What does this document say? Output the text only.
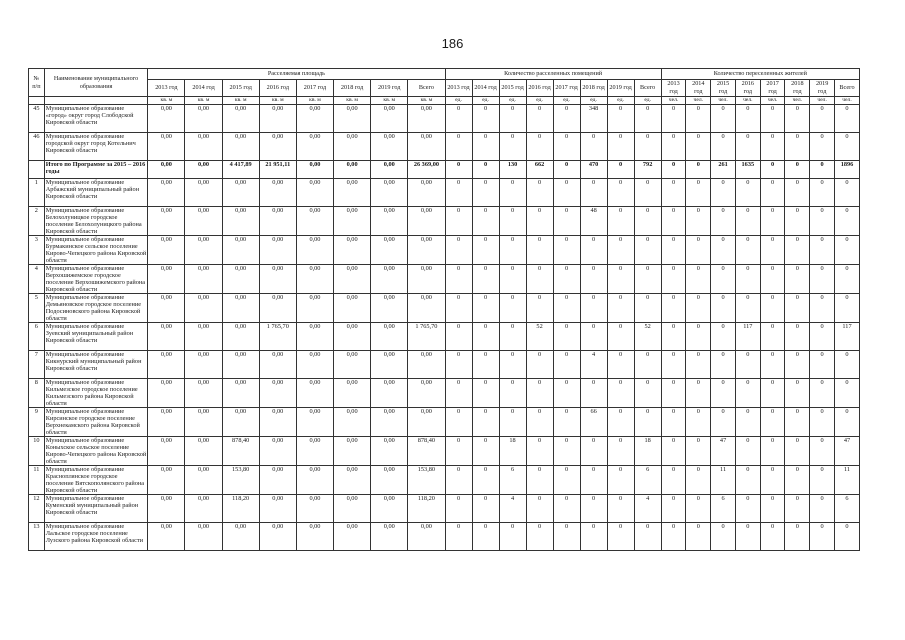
186
№
п/п	Наименование муниципального образования	Расселяемая площадь								Количество расселенных помещений								Количество переселенных жителей							
		2013 год	2014 год	2015 год	2016 год	2017 год	2018 год	2019 год	Всего	2013 год	2014 год	2015 год	2016 год	2017 год	2018 год	2019 год	Всего	2013 год	2014 год	2015 год	2016 год	2017 год	2018 год	2019 год	Всего
		кв. м	кв. м	кв. м	кв. м	кв. м	кв. м	кв. м	кв. м	ед.	ед.	ед.	ед.	ед.	ед.	ед.	ед.	чел.	чел.	чел.	чел.	чел.	чел.	чел.	чел.
45	Муниципальное образование «город» округ город Слободской Кировской области	0,00	0,00	0,00	0,00	0,00	0,00	0,00	0,00	0	0	0	0	0	348	0	0	0	0	0	0	0	0	0	0
46	Муниципальное образование городской округ город Котельнич Кировской области	0,00	0,00	0,00	0,00	0,00	0,00	0,00	0,00	0	0	0	0	0	0	0	0	0	0	0	0	0	0	0	0
	Итого по Программе за 2015 – 2016 годы	0,00	0,00	4 417,89	21 951,11	0,00	0,00	0,00	26 369,00	0	0	130	662	0	470	0	792	0	0	261	1635	0	0	0	1896
1	Муниципальное образование Арбажский муниципальный район Кировской области	0,00	0,00	0,00	0,00	0,00	0,00	0,00	0,00	0	0	0	0	0	0	0	0	0	0	0	0	0	0	0	0
2	Муниципальное образование Белохолуницкое городское поселение Белохолуницкого района Кировской области	0,00	0,00	0,00	0,00	0,00	0,00	0,00	0,00	0	0	0	0	0	48	0	0	0	0	0	0	0	0	0	0
3	Муниципальное образование Бурмакинское сельское поселение Кирово-Чепецкого района Кировской области	0,00	0,00	0,00	0,00	0,00	0,00	0,00	0,00	0	0	0	0	0	0	0	0	0	0	0	0	0	0	0	0
4	Муниципальное образование Верхошижемское городское поселение Верхошижемского района Кировской области	0,00	0,00	0,00	0,00	0,00	0,00	0,00	0,00	0	0	0	0	0	0	0	0	0	0	0	0	0	0	0	0
5	Муниципальное образование Демьяновское городское поселение Подосиновского района Кировской области	0,00	0,00	0,00	0,00	0,00	0,00	0,00	0,00	0	0	0	0	0	0	0	0	0	0	0	0	0	0	0	0
6	Муниципальное образование Зуевский муниципальный район Кировской области	0,00	0,00	0,00	1 765,70	0,00	0,00	0,00	1 765,70	0	0	0	52	0	0	0	52	0	0	0	117	0	0	0	117
7	Муниципальное образование Кикнурский муниципальный район Кировской области	0,00	0,00	0,00	0,00	0,00	0,00	0,00	0,00	0	0	0	0	0	4	0	0	0	0	0	0	0	0	0	0
8	Муниципальное образование Кильмезское городское поселение Кильмезского района Кировской области	0,00	0,00	0,00	0,00	0,00	0,00	0,00	0,00	0	0	0	0	0	0	0	0	0	0	0	0	0	0	0	0
9	Муниципальное образование Кирсинское городское поселение Верхнекамского района Кировской области	0,00	0,00	0,00	0,00	0,00	0,00	0,00	0,00	0	0	0	0	0	66	0	0	0	0	0	0	0	0	0	0
10	Муниципальное образование Коныхское сельское поселение Кирово-Чепецкого района Кировской области	0,00	0,00	878,40	0,00	0,00	0,00	0,00	878,40	0	0	18	0	0	0	0	18	0	0	47	0	0	0	0	47
11	Муниципальное образование Красноплянское городское поселение Вятскополянского района Кировской области	0,00	0,00	153,80	0,00	0,00	0,00	0,00	153,80	0	0	6	0	0	0	0	6	0	0	11	0	0	0	0	11
12	Муниципальное образование Куменский муниципальный район Кировской области	0,00	0,00	118,20	0,00	0,00	0,00	0,00	118,20	0	0	4	0	0	0	0	4	0	0	6	0	0	0	0	6
13	Муниципальное образование Лальское городское поселение Лузского района Кировской области	0,00	0,00	0,00	0,00	0,00	0,00	0,00	0,00	0	0	0	0	0	0	0	0	0	0	0	0	0	0	0	0
